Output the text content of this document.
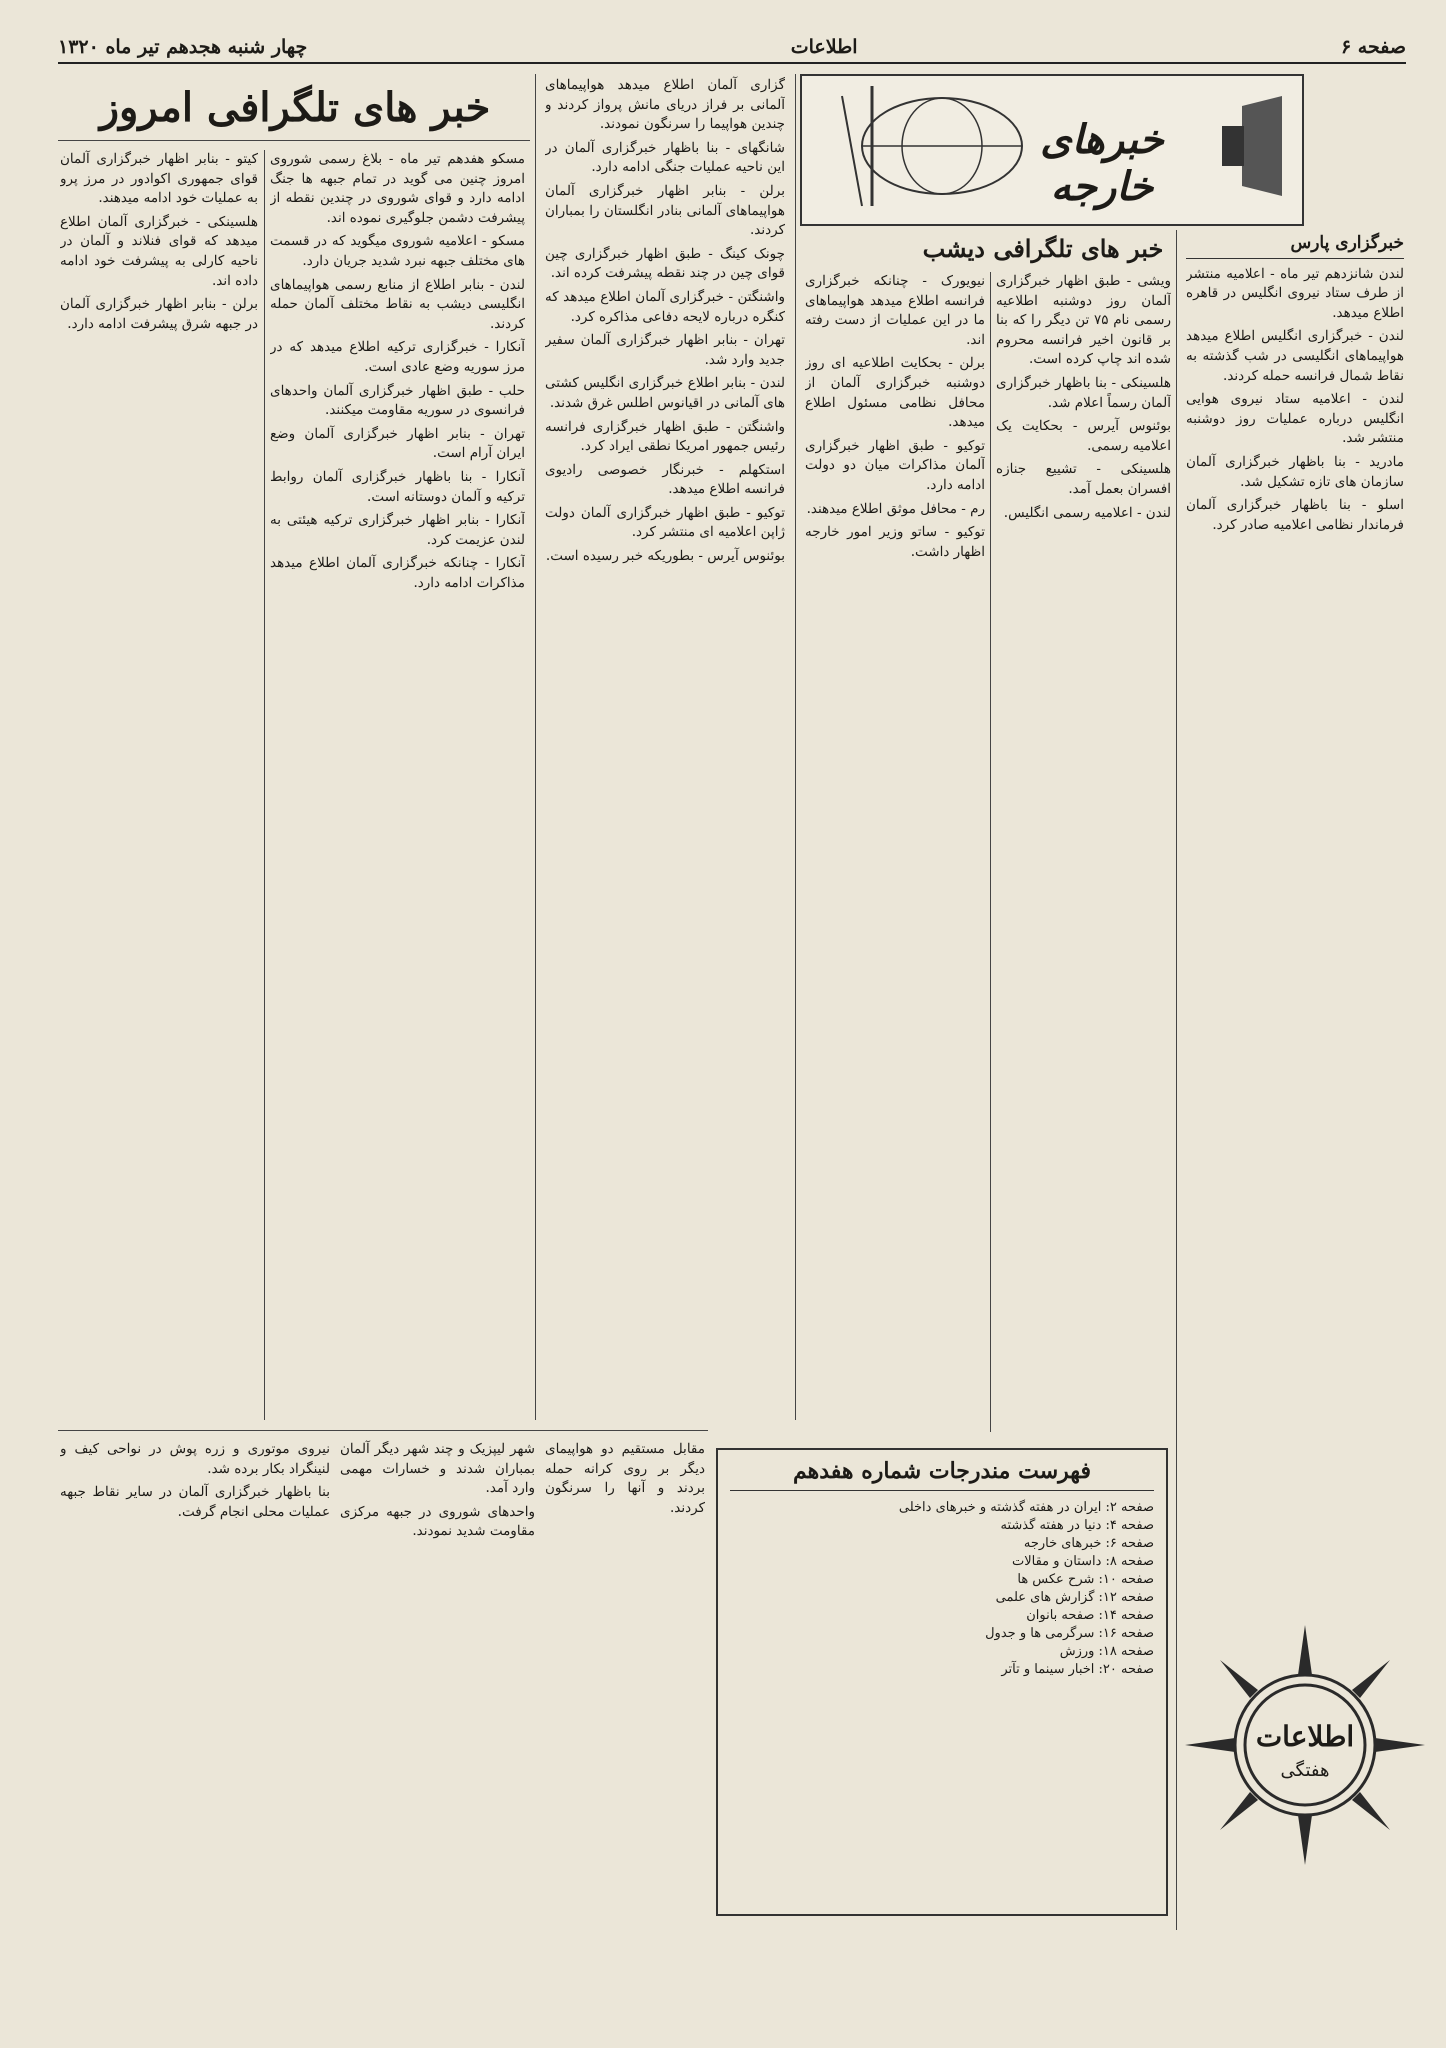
صفحه ۶
اطلاعات
چهار شنبه هجدهم تیر ماه ۱۳۲۰
خبر های تلگرافی امروز

مسکو هفدهم تیر ماه - بلاغ رسمی شوروی امروز چنین می گوید در تمام جبهه ها جنگ ادامه دارد و قوای شوروی در چندین نقطه از پیشرفت دشمن جلوگیری نموده اند.

مسکو - اعلامیه شوروی میگوید که در قسمت های مختلف جبهه نبرد شدید جریان دارد.

لندن - بنابر اطلاع از منابع رسمی هواپیماهای انگلیسی دیشب به نقاط مختلف آلمان حمله کردند.

آنکارا - خبرگزاری ترکیه اطلاع میدهد که در مرز سوریه وضع عادی است.

حلب - طبق اظهار خبرگزاری آلمان واحدهای فرانسوی در سوریه مقاومت میکنند.

تهران - بنابر اظهار خبرگزاری آلمان وضع ایران آرام است.

آنکارا - بنا باظهار خبرگزاری آلمان روابط ترکیه و آلمان دوستانه است.

آنکارا - بنابر اظهار خبرگزاری ترکیه هیئتی به لندن عزیمت کرد.

آنکارا - چنانکه خبرگزاری آلمان اطلاع میدهد مذاکرات ادامه دارد.

کیتو - بنابر اظهار خبرگزاری آلمان قوای جمهوری اکوادور در مرز پرو به عملیات خود ادامه میدهند.

هلسینکی - خبرگزاری آلمان اطلاع میدهد که قوای فنلاند و آلمان در ناحیه کارلی به پیشرفت خود ادامه داده اند.

برلن - بنابر اظهار خبرگزاری آلمان در جبهه شرق پیشرفت ادامه دارد.

گزاری آلمان اطلاع میدهد هواپیماهای آلمانی بر فراز دریای مانش پرواز کردند و چندین هواپیما را سرنگون نمودند.

شانگهای - بنا باظهار خبرگزاری آلمان در این ناحیه عملیات جنگی ادامه دارد.

برلن - بنابر اظهار خبرگزاری آلمان هواپیماهای آلمانی بنادر انگلستان را بمباران کردند.

چونک کینگ - طبق اظهار خبرگزاری چین قوای چین در چند نقطه پیشرفت کرده اند.

واشنگتن - خبرگزاری آلمان اطلاع میدهد که کنگره درباره لایحه دفاعی مذاکره کرد.

تهران - بنابر اظهار خبرگزاری آلمان سفیر جدید وارد شد.

لندن - بنابر اطلاع خبرگزاری انگلیس کشتی های آلمانی در اقیانوس اطلس غرق شدند.

واشنگتن - طبق اظهار خبرگزاری فرانسه رئیس جمهور امریکا نطقی ایراد کرد.

استکهلم - خبرنگار خصوصی رادیوی فرانسه اطلاع میدهد.

توکیو - طبق اظهار خبرگزاری آلمان دولت ژاپن اعلامیه ای منتشر کرد.

بوئنوس آیرس - بطوریکه خبر رسیده است.

خبرهای خارجه
خبر های تلگرافی دیشب

نیویورک - چنانکه خبرگزاری فرانسه اطلاع میدهد هواپیماهای ما در این عملیات از دست رفته اند.

برلن - بحکایت اطلاعیه ای روز دوشنبه خبرگزاری آلمان از محافل نظامی مسئول اطلاع میدهد.

توکیو - طبق اظهار خبرگزاری آلمان مذاکرات میان دو دولت ادامه دارد.

رم - محافل موثق اطلاع میدهند.

توکیو - ساتو وزیر امور خارجه اظهار داشت.

ویشی - طبق اظهار خبرگزاری آلمان روز دوشنبه اطلاعیه رسمی نام ۷۵ تن دیگر را که بنا بر قانون اخیر فرانسه محروم شده اند چاپ کرده است.

هلسینکی - بنا باظهار خبرگزاری آلمان رسماً اعلام شد.

بوئنوس آیرس - بحکایت یک اعلامیه رسمی.

هلسینکی - تشییع جنازه افسران بعمل آمد.

لندن - اعلامیه رسمی انگلیس.

خبرگزاری پارس

لندن شانزدهم تیر ماه - اعلامیه منتشر از طرف ستاد نیروی انگلیس در قاهره اطلاع میدهد.

لندن - خبرگزاری انگلیس اطلاع میدهد هواپیماهای انگلیسی در شب گذشته به نقاط شمال فرانسه حمله کردند.

لندن - اعلامیه ستاد نیروی هوایی انگلیس درباره عملیات روز دوشنبه منتشر شد.

مادرید - بنا باظهار خبرگزاری آلمان سازمان های تازه تشکیل شد.

اسلو - بنا باظهار خبرگزاری آلمان فرماندار نظامی اعلامیه صادر کرد.

مقابل مستقیم دو هواپیمای دیگر بر روی کرانه حمله بردند و آنها را سرنگون کردند.

شهر لیپزیک و چند شهر دیگر آلمان بمباران شدند و خسارات مهمی وارد آمد.

واحدهای شوروی در جبهه مرکزی مقاومت شدید نمودند.

نیروی موتوری و زره پوش در نواحی کیف و لنینگراد بکار برده شد.

بنا باظهار خبرگزاری آلمان در سایر نقاط جبهه عملیات محلی انجام گرفت.

فهرست مندرجات شماره هفدهم

صفحه ۲: ایران در هفته گذشته و خبرهای داخلی

صفحه ۴: دنیا در هفته گذشته

صفحه ۶: خبرهای خارجه

صفحه ۸: داستان و مقالات

صفحه ۱۰: شرح عکس ها

صفحه ۱۲: گزارش های علمی

صفحه ۱۴: صفحه بانوان

صفحه ۱۶: سرگرمی ها و جدول

صفحه ۱۸: ورزش

صفحه ۲۰: اخبار سینما و تآتر

اطلاعات
هفتگی
